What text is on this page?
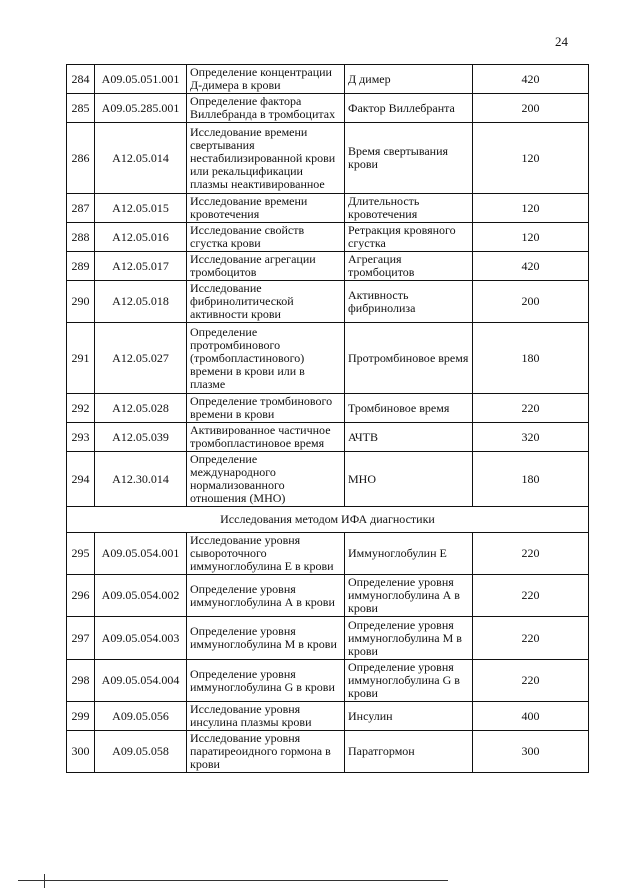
24
284	A09.05.051.001	Определение концентрации Д-димера в крови	Д димер	420
285	A09.05.285.001	Определение фактора Виллебранда в тромбоцитах	Фактор Виллебранта	200
286	A12.05.014	Исследование времени свертывания нестабилизированной крови или рекальцификации плазмы неактивированное	Время свертывания крови	120
287	A12.05.015	Исследование времени кровотечения	Длительность кровотечения	120
288	A12.05.016	Исследование свойств сгустка крови	Ретракция кровяного сгустка	120
289	A12.05.017	Исследование агрегации тромбоцитов	Агрегация тромбоцитов	420
290	A12.05.018	Исследование фибринолитической активности крови	Активность фибринолиза	200
291	A12.05.027	Определение протромбинового (тромбопластинового) времени в крови или в плазме	Протромбиновое время	180
292	A12.05.028	Определение тромбинового времени в крови	Тромбиновое время	220
293	A12.05.039	Активированное частичное тромбопластиновое время	АЧТВ	320
294	A12.30.014	Определение международного нормализованного отношения (МНО)	МНО	180
Исследования методом ИФА диагностики				
295	A09.05.054.001	Исследование уровня сывороточного иммуноглобулина Е в крови	Иммуноглобулин Е	220
296	A09.05.054.002	Определение уровня иммуноглобулина А в крови	Определение уровня иммуноглобулина А в крови	220
297	A09.05.054.003	Определение уровня иммуноглобулина М в крови	Определение уровня иммуноглобулина М в крови	220
298	A09.05.054.004	Определение уровня иммуноглобулина G в крови	Определение уровня иммуноглобулина G в крови	220
299	A09.05.056	Исследование уровня инсулина плазмы крови	Инсулин	400
300	A09.05.058	Исследование уровня паратиреоидного гормона в крови	Паратгормон	300
